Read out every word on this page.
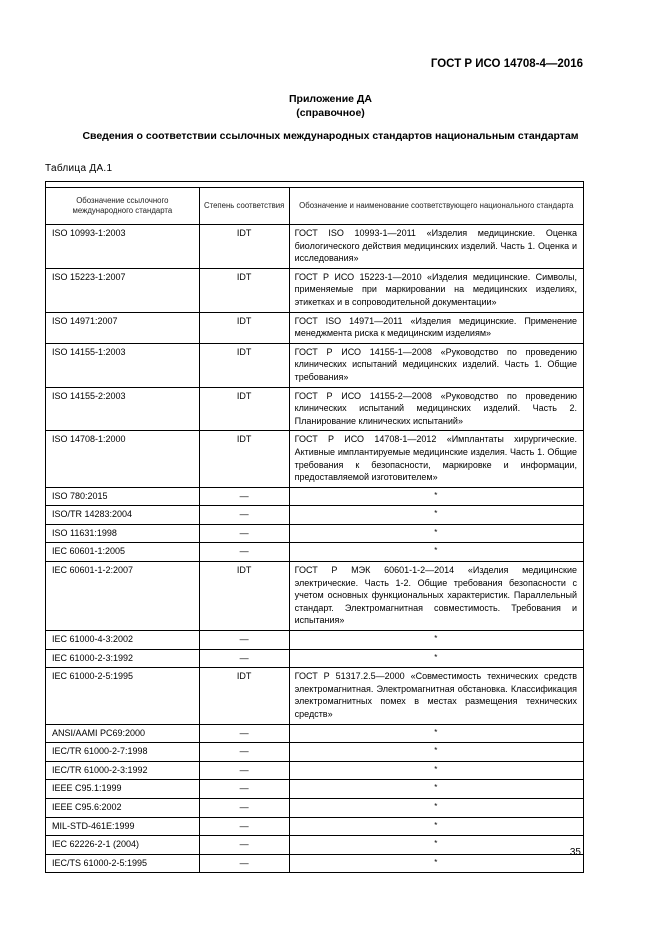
ГОСТ Р ИСО 14708-4—2016
Приложение ДА
(справочное)
Сведения о соответствии ссылочных международных стандартов национальным стандартам
Таблица ДА.1

Обозначение ссылочного международного стандарта	Степень соответствия	Обозначение и наименование соответствующего национального стандарта
ISO 10993-1:2003	IDT	ГОСТ ISO 10993-1—2011 «Изделия медицинские. Оценка биологического действия медицинских изделий. Часть 1. Оценка и исследования»
ISO 15223-1:2007	IDT	ГОСТ Р ИСО 15223-1—2010 «Изделия медицинские. Символы, применяемые при маркировании на медицинских изделиях, этикетках и в сопроводительной документации»
ISO 14971:2007	IDT	ГОСТ ISO 14971—2011 «Изделия медицинские. Применение менеджмента риска к медицинским изделиям»
ISO 14155-1:2003	IDT	ГОСТ Р ИСО 14155-1—2008 «Руководство по проведению клинических испытаний медицинских изделий. Часть 1. Общие требования»
ISO 14155-2:2003	IDT	ГОСТ Р ИСО 14155-2—2008 «Руководство по проведению клинических испытаний медицинских изделий. Часть 2. Планирование клинических испытаний»
ISO 14708-1:2000	IDT	ГОСТ Р ИСО 14708-1—2012 «Имплантаты хирургические. Активные имплантируемые медицинские изделия. Часть 1. Общие требования к безопасности, маркировке и информации, предоставляемой изготовителем»
ISO 780:2015	—	*
ISO/TR 14283:2004	—	*
ISO 11631:1998	—	*
IEC 60601-1:2005	—	*
IEC 60601-1-2:2007	IDT	ГОСТ Р МЭК 60601-1-2—2014 «Изделия медицинские электрические. Часть 1-2. Общие требования безопасности с учетом основных функциональных характеристик. Параллельный стандарт. Электромагнитная совместимость. Требования и испытания»
IEC 61000-4-3:2002	—	*
IEC 61000-2-3:1992	—	*
IEC 61000-2-5:1995	IDT	ГОСТ Р 51317.2.5—2000 «Совместимость технических средств электромагнитная. Электромагнитная обстановка. Классификация электромагнитных помех в местах размещения технических средств»
ANSI/AAMI PC69:2000	—	*
IEC/TR 61000-2-7:1998	—	*
IEC/TR 61000-2-3:1992	—	*
IEEE C95.1:1999	—	*
IEEE C95.6:2002	—	*
MIL-STD-461E:1999	—	*
IEC 62226-2-1 (2004)	—	*
IEC/TS 61000-2-5:1995	—	*
35
